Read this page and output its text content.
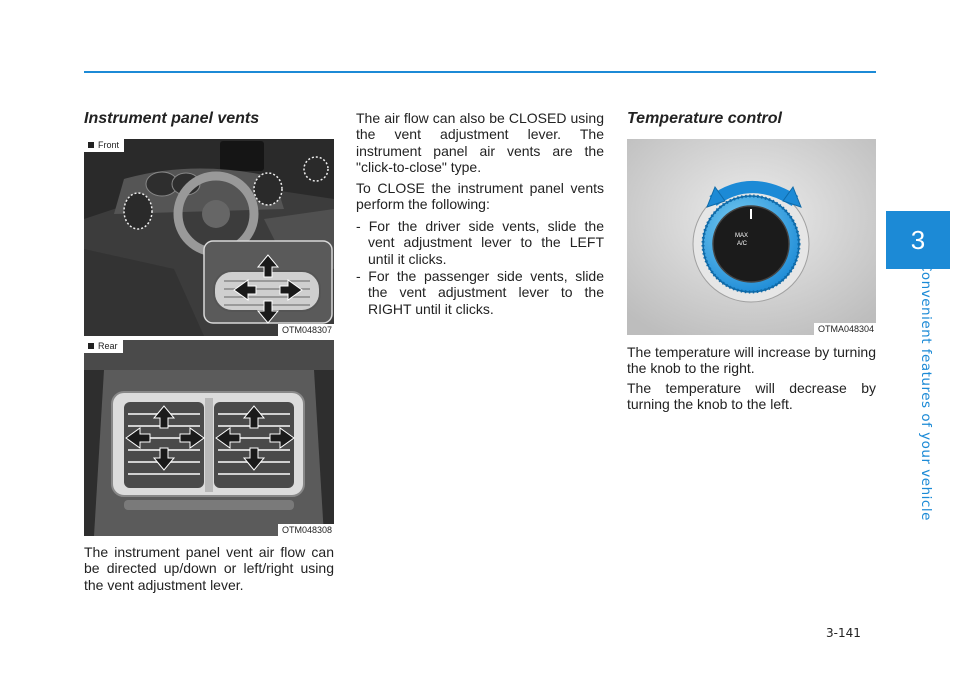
3
Convenient features of your vehicle
Instrument panel vents
Front
OTM048307
Rear
OTM048308

The instrument panel vent air flow can be directed up/down or left/right using the vent adjustment lever.

The air flow can also be CLOSED using the vent adjustment lever. The instrument panel air vents are the "click-to-close" type.

To CLOSE the instrument panel vents perform the following:

- For the driver side vents, slide the vent adjustment lever to the LEFT until it clicks.

- For the passenger side vents, slide the vent adjustment lever to the RIGHT until it clicks.

Temperature control
MAX
A/C
OTMA048304

The temperature will increase by turning the knob to the right.

The temperature will decrease by turning the knob to the left.

3-141
